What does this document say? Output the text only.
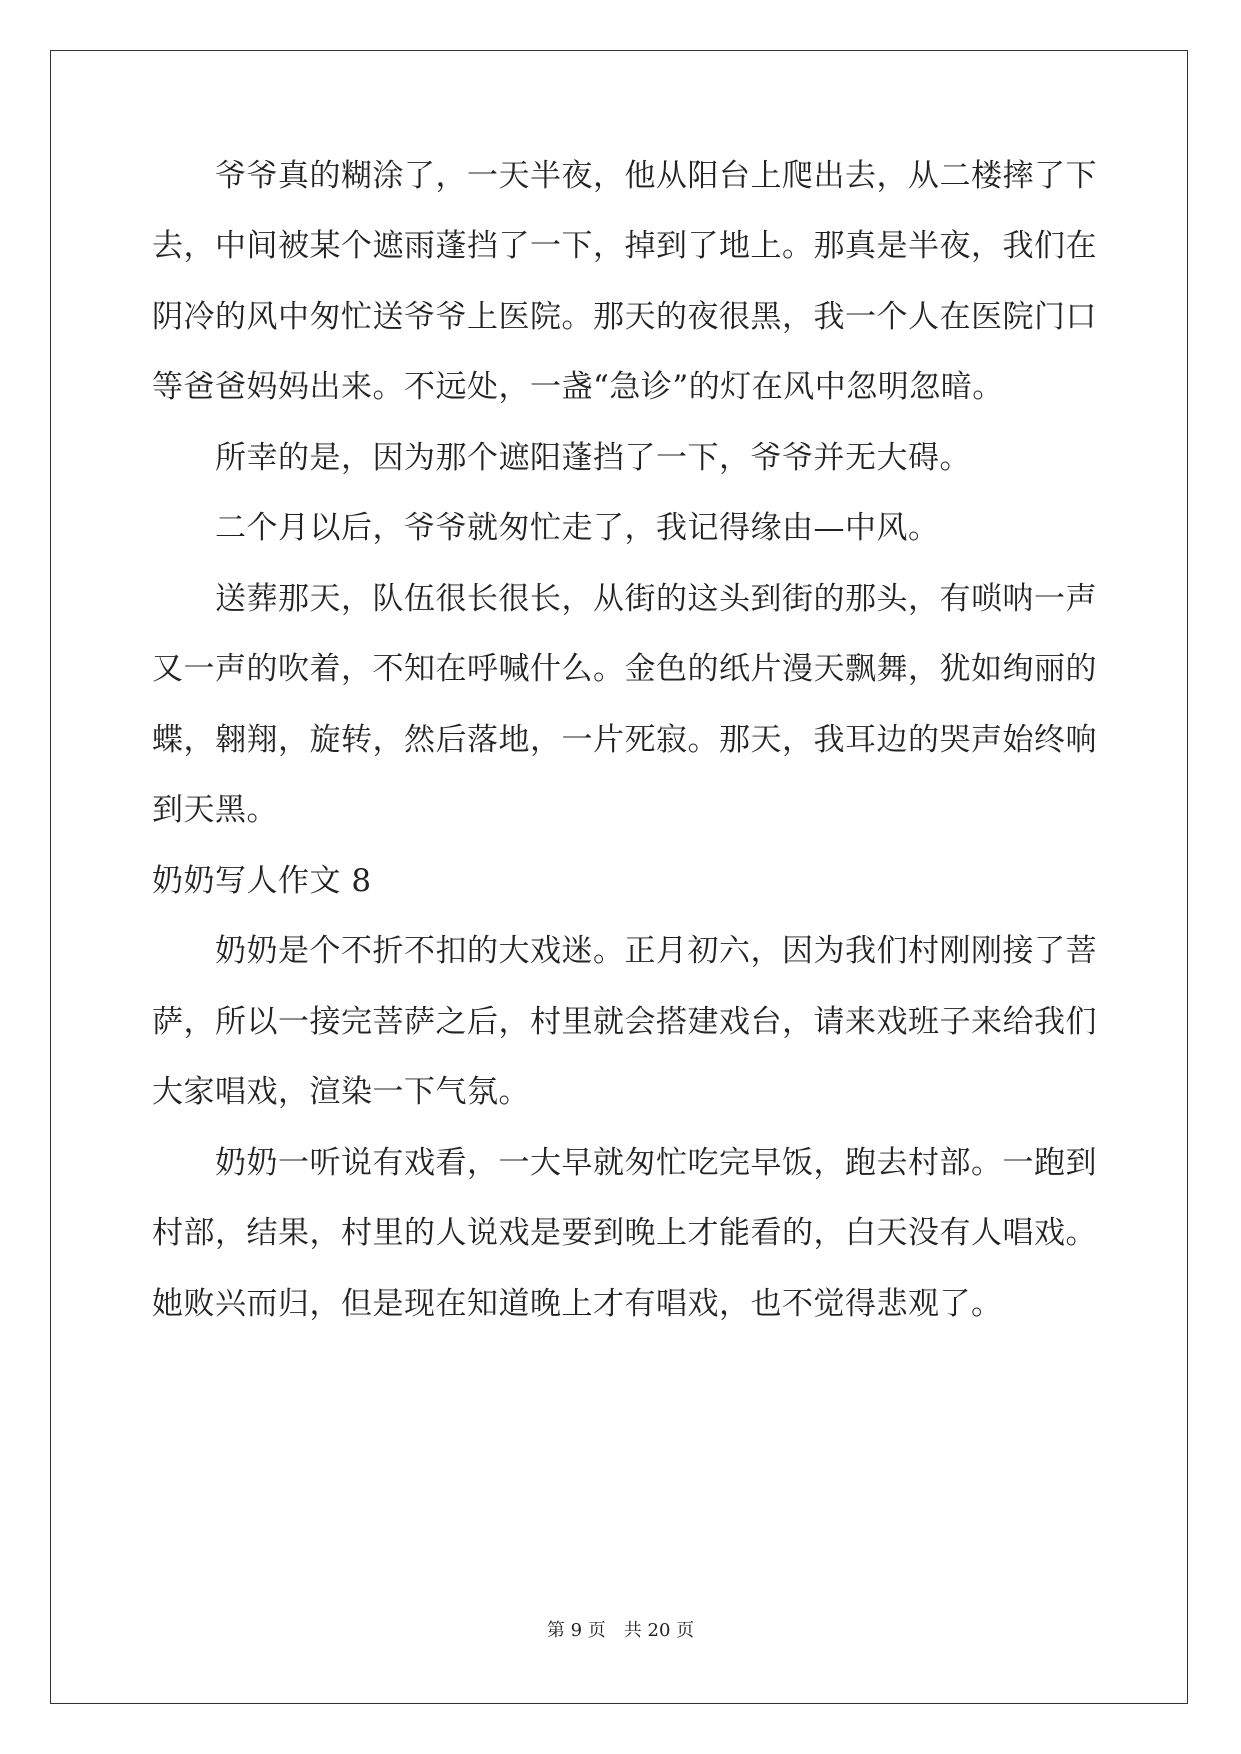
　　爷爷真的糊涂了，一天半夜，他从阳台上爬出去，从二楼摔了下
去，中间被某个遮雨蓬挡了一下，掉到了地上。那真是半夜，我们在
阴冷的风中匆忙送爷爷上医院。那天的夜很黑，我一个人在医院门口
等爸爸妈妈出来。不远处，一盏“急诊”的灯在风中忽明忽暗。
　　所幸的是，因为那个遮阳蓬挡了一下，爷爷并无大碍。
　　二个月以后，爷爷就匆忙走了，我记得缘由—中风。
　　送葬那天，队伍很长很长，从街的这头到街的那头，有唢呐一声
又一声的吹着，不知在呼喊什么。金色的纸片漫天飘舞，犹如绚丽的
蝶，翱翔，旋转，然后落地，一片死寂。那天，我耳边的哭声始终响
到天黑。
奶奶写人作文 8
　　奶奶是个不折不扣的大戏迷。正月初六，因为我们村刚刚接了菩
萨，所以一接完菩萨之后，村里就会搭建戏台，请来戏班子来给我们
大家唱戏，渲染一下气氛。
　　奶奶一听说有戏看，一大早就匆忙吃完早饭，跑去村部。一跑到
村部，结果，村里的人说戏是要到晚上才能看的，白天没有人唱戏。
她败兴而归，但是现在知道晚上才有唱戏，也不觉得悲观了。
第 9 页 共 20 页
